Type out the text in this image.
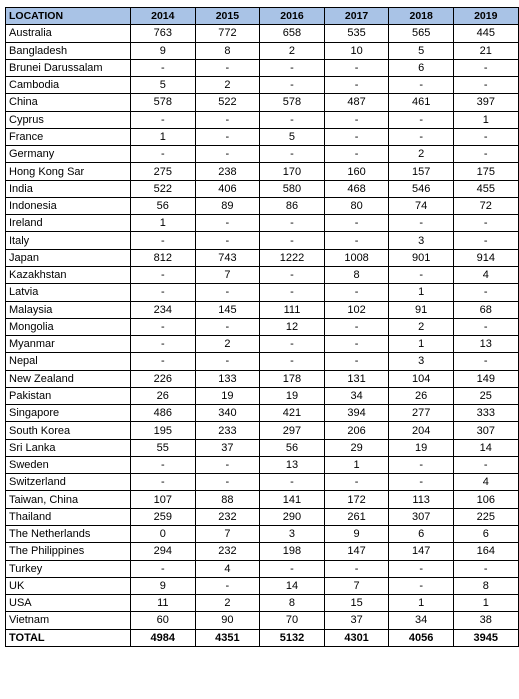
LOCATION	2014	2015	2016	2017	2018	2019
Australia	763	772	658	535	565	445
Bangladesh	9	8	2	10	5	21
Brunei Darussalam	-	-	-	-	6	-
Cambodia	5	2	-	-	-	-
China	578	522	578	487	461	397
Cyprus	-	-	-	-	-	1
France	1	-	5	-	-	-
Germany	-	-	-	-	2	-
Hong Kong Sar	275	238	170	160	157	175
India	522	406	580	468	546	455
Indonesia	56	89	86	80	74	72
Ireland	1	-	-	-	-	-
Italy	-	-	-	-	3	-
Japan	812	743	1222	1008	901	914
Kazakhstan	-	7	-	8	-	4
Latvia	-	-	-	-	1	-
Malaysia	234	145	111	102	91	68
Mongolia	-	-	12	-	2	-
Myanmar	-	2	-	-	1	13
Nepal	-	-	-	-	3	-
New Zealand	226	133	178	131	104	149
Pakistan	26	19	19	34	26	25
Singapore	486	340	421	394	277	333
South Korea	195	233	297	206	204	307
Sri Lanka	55	37	56	29	19	14
Sweden	-	-	13	1	-	-
Switzerland	-	-	-	-	-	4
Taiwan, China	107	88	141	172	113	106
Thailand	259	232	290	261	307	225
The Netherlands	0	7	3	9	6	6
The Philippines	294	232	198	147	147	164
Turkey	-	4	-	-	-	-
UK	9	-	14	7	-	8
USA	11	2	8	15	1	1
Vietnam	60	90	70	37	34	38
TOTAL	4984	4351	5132	4301	4056	3945
